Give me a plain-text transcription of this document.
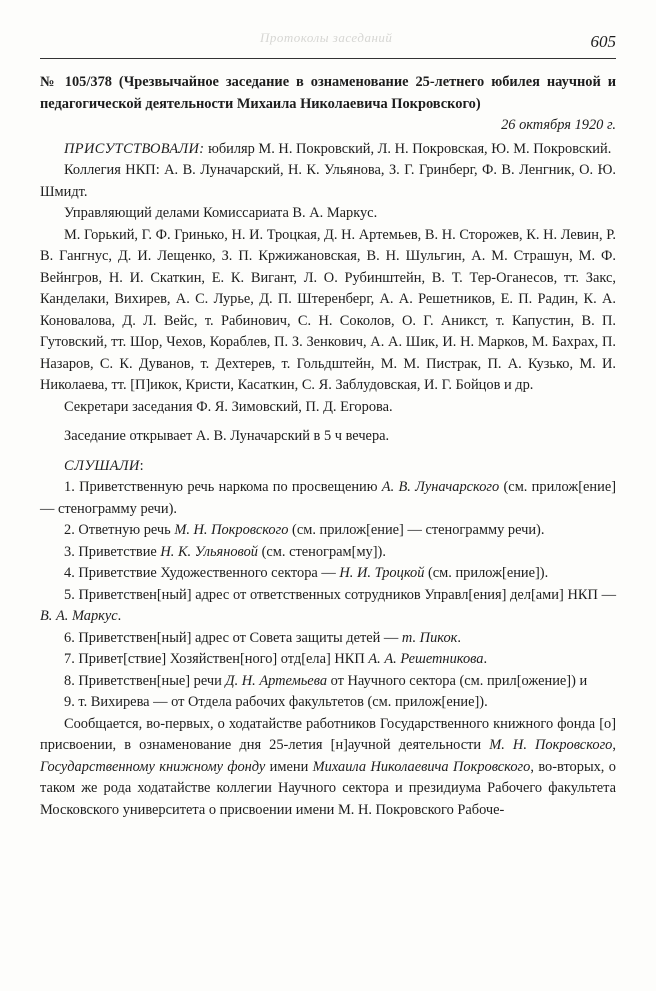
Протоколы заседаний	605

№ 105/378 (Чрезвычайное заседание в ознаменование 25-летнего юбилея научной и педагогической деятельности Михаила Николаевича Покровского)

26 октября 1920 г.

ПРИСУТСТВОВАЛИ: юбиляр М. Н. Покровский, Л. Н. Покровская, Ю. М. Покровский.

Коллегия НКП: А. В. Луначарский, Н. К. Ульянова, З. Г. Гринберг, Ф. В. Ленгник, О. Ю. Шмидт.

Управляющий делами Комиссариата В. А. Маркус.

М. Горький, Г. Ф. Гринько, Н. И. Троцкая, Д. Н. Артемьев, В. Н. Сторожев, К. Н. Левин, Р. В. Гангнус, Д. И. Лещенко, З. П. Кржижановская, В. Н. Шульгин, А. М. Страшун, М. Ф. Вейнгров, Н. И. Скаткин, Е. К. Вигант, Л. О. Рубинштейн, В. Т. Тер-Оганесов, тт. Закс, Канделаки, Вихирев, А. С. Лурье, Д. П. Штеренберг, А. А. Решетников, Е. П. Радин, К. А. Коновалова, Д. Л. Вейс, т. Рабинович, С. Н. Соколов, О. Г. Аникст, т. Капустин, В. П. Гутовский, тт. Шор, Чехов, Кораблев, П. З. Зенкович, А. А. Шик, И. Н. Марков, М. Бахрах, П. Назаров, С. К. Дуванов, т. Дехтерев, т. Гольдштейн, М. М. Пистрак, П. А. Кузько, М. И. Николаева, тт. [П]икок, Кристи, Касаткин, С. Я. Заблудовская, И. Г. Бойцов и др.

Секретари заседания Ф. Я. Зимовский, П. Д. Егорова.

Заседание открывает А. В. Луначарский в 5 ч вечера.

СЛУШАЛИ:

1. Приветственную речь наркома по просвещению А. В. Луначарского (см. прилож[ение] — стенограмму речи).

2. Ответную речь М. Н. Покровского (см. прилож[ение] — стенограмму речи).

3. Приветствие Н. К. Ульяновой (см. стенограм[му]).

4. Приветствие Художественного сектора — Н. И. Троцкой (см. прилож[ение]).

5. Приветствен[ный] адрес от ответственных сотрудников Управл[ения] дел[ами] НКП — В. А. Маркус.

6. Приветствен[ный] адрес от Совета защиты детей — т. Пикок.

7. Привет[ствие] Хозяйствен[ного] отд[ела] НКП А. А. Решетникова.

8. Приветствен[ные] речи Д. Н. Артемьева от Научного сектора (см. прил[ожение]) и

9. т. Вихирева — от Отдела рабочих факультетов (см. прилож[ение]).

Сообщается, во-первых, о ходатайстве работников Государственного книжного фонда [о] присвоении, в ознаменование дня 25-летия [н]аучной деятельности М. Н. Покровского, Государственному книжному фонду имени Михаила Николаевича Покровского, во-вторых, о таком же рода ходатайстве коллегии Научного сектора и президиума Рабочего факультета Московского университета о присвоении имени М. Н. Покровского Рабоче-
